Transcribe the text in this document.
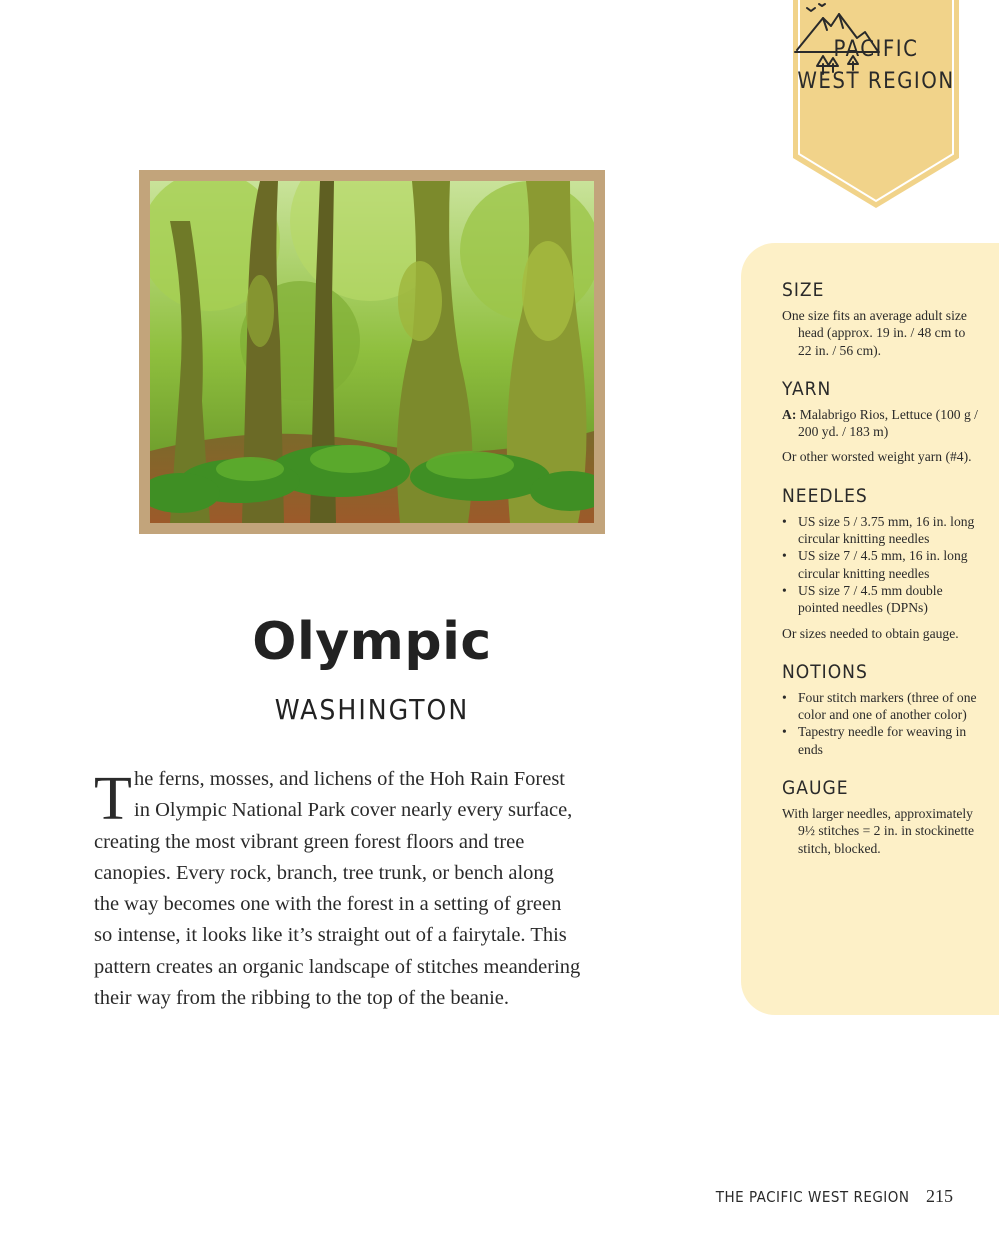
PACIFIC
WEST REGION
Olympic
WASHINGTON
T he ferns, mosses, and lichens of the Hoh Rain Forest
in Olympic National Park cover nearly every surface,
creating the most vibrant green forest floors and tree
canopies. Every rock, branch, tree trunk, or bench along
the way becomes one with the forest in a setting of green
so intense, it looks like it’s straight out of a fairytale. This
pattern creates an organic landscape of stitches meandering
their way from the ribbing to the top of the beanie.
SIZE

One size fits an average adult size head (approx. 19 in. / 48 cm to 22 in. / 56 cm).

YARN

A: Malabrigo Rios, Lettuce (100 g / 200 yd. / 183 m)

Or other worsted weight yarn (#4).

NEEDLES
• US size 5 / 3.75 mm, 16 in. long circular knitting needles
• US size 7 / 4.5 mm, 16 in. long circular knitting needles
• US size 7 / 4.5 mm double pointed needles (DPNs)

Or sizes needed to obtain gauge.

NOTIONS
• Four stitch markers (three of one color and one of another color)
• Tapestry needle for weaving in ends
GAUGE

With larger needles, approximately 9½ stitches = 2 in. in stockinette stitch, blocked.

THE PACIFIC WEST REGION 215
